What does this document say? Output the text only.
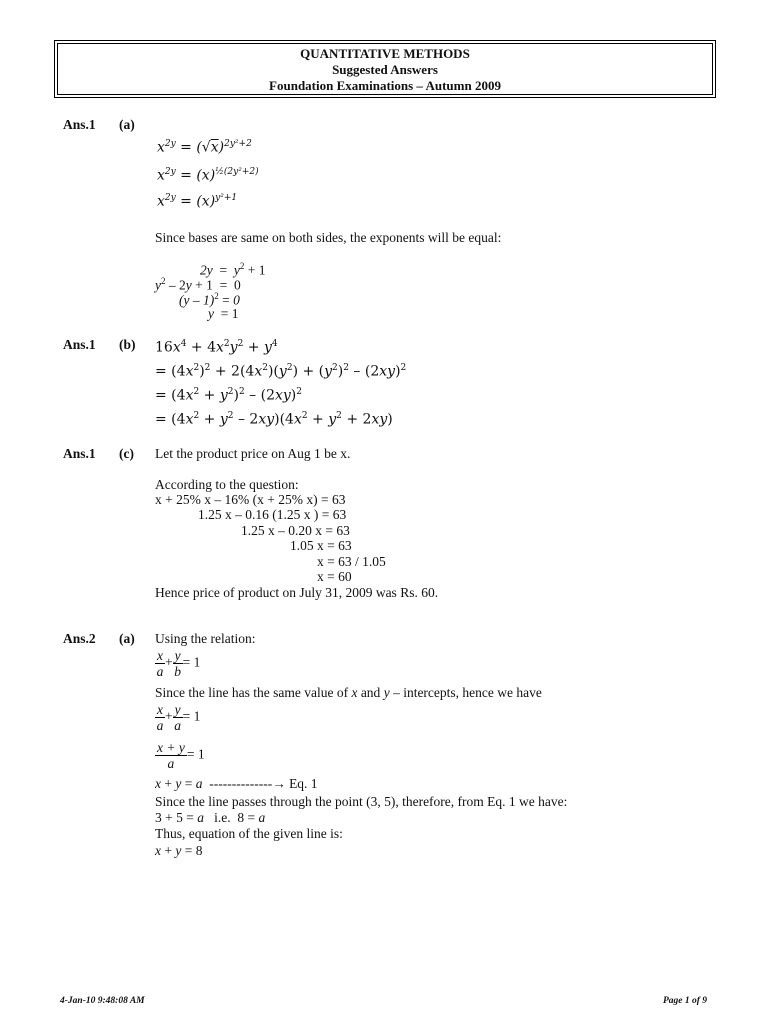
QUANTITATIVE METHODS
Suggested Answers
Foundation Examinations – Autumn 2009
Ans.1 (a)
$x^{2y} = (√x)^{2y^2+2}$
$x^{2y} = (x)^{\frac{1}{2}(2y^2+2)}$
$x^{2y} = (x)^{y^2+1}$
Since bases are same on both sides, the exponents will be equal:
$2y = y^2 + 1$
$y^2 - 2y + 1 = 0$
(y – 1)$^2$ = 0
y  = 1
Ans.1 (b) $16x^4 + 4x^2y^2 + y^4$
= $(4x^2)^2 + 2(4x^2)(y^2) + (y^2)^2 - (2xy)^2$
= $(4x^2 + y^2)^2 - (2xy)^2$
= $(4x^2 + y^2 - 2xy)(4x^2 + y^2 + 2xy)$
Ans.1 (c) Let the product price on Aug 1 be x.
According to the question:
x + 25% x – 16% (x + 25% x) = 63
1.25 x – 0.16 (1.25 x ) = 63
1.25 x – 0.20 x = 63
1.05 x = 63
x = 63 / 1.05
x = 60
Hence price of product on July 31, 2009 was Rs. 60.
Ans.2 (a) Using the relation:
$\frac{x}{a} + \frac{y}{b} = 1$
Since the line has the same value of x and y – intercepts, hence we have
$\frac{x}{a} + \frac{y}{a} = 1$
$\frac{x + y}{a} = 1$
x + y = a  --------------→ Eq. 1
Since the line passes through the point (3, 5), therefore, from Eq. 1 we have:
3 + 5 = a   i.e.  8 = a
Thus, equation of the given line is:
x + y = 8
4-Jan-10 9:48:08 AM	Page 1 of 9
